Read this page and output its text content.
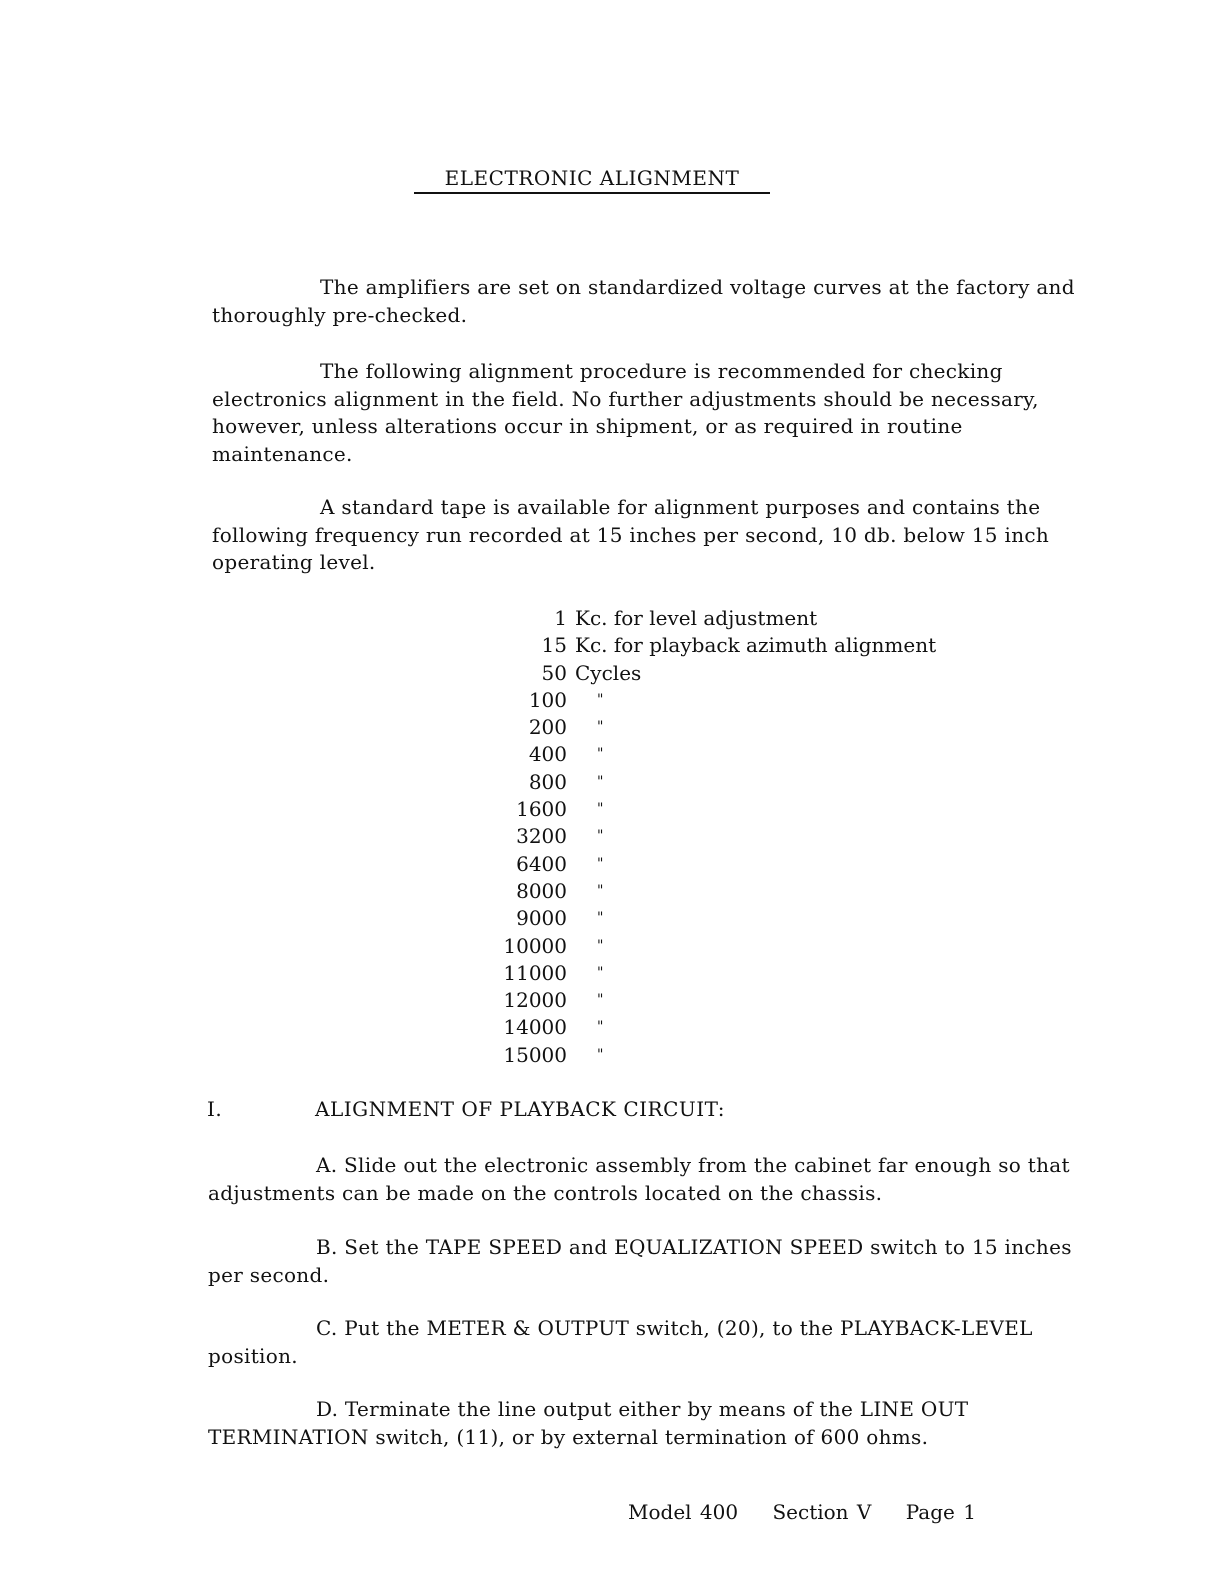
ELECTRONIC ALIGNMENT

The amplifiers are set on standardized voltage curves at the factory and thoroughly pre-checked.

The following alignment procedure is recommended for checking electronics alignment in the field. No further adjustments should be necessary, however, unless alterations occur in shipment, or as required in routine maintenance.

A standard tape is available for alignment purposes and contains the following frequency run recorded at 15 inches per second, 10 db. below 15 inch operating level.

1 Kc. for level adjustment
15 Kc. for playback azimuth alignment
50 Cycles
100	"
200	"
400	"
800	"
1600	"
3200	"
6400	"
8000	"
9000	"
10000	"
11000	"
12000	"
14000	"
15000	"
I.	ALIGNMENT OF PLAYBACK CIRCUIT:

A. Slide out the electronic assembly from the cabinet far enough so that adjustments can be made on the controls located on the chassis.

B. Set the TAPE SPEED and EQUALIZATION SPEED switch to 15 inches per second.

C. Put the METER & OUTPUT switch, (20), to the PLAYBACK-LEVEL position.

D. Terminate the line output either by means of the LINE OUT TERMINATION switch, (11), or by external termination of 600 ohms.

Model 400 Section V Page 1
